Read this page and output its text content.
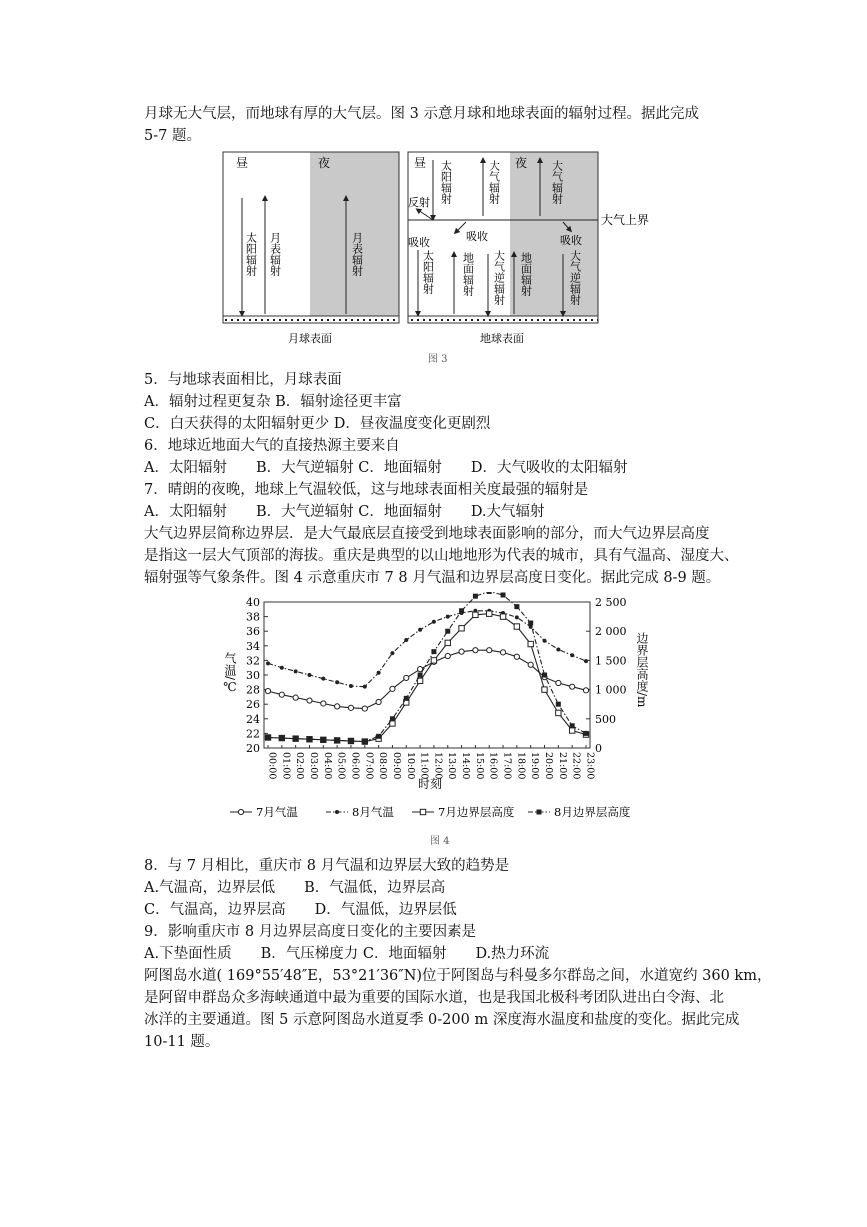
月球无大气层，而地球有厚的大气层。图 3 示意月球和地球表面的辐射过程。据此完成
5-7 题。
昼	夜
太阳辐射 月表辐射	月表辐射
月球表面
昼	夜
大气上界
太阳辐射	大气辐射	大气辐射
反射
吸收	吸收	吸收
太阳辐射 地面辐射 大气逆辐射 地面辐射	大气逆辐射
地球表面
图 3
5．与地球表面相比，月球表面
A．辐射过程更复杂 B．辐射途径更丰富
C．白天获得的太阳辐射更少 D．昼夜温度变化更剧烈
6．地球近地面大气的直接热源主要来自
A．太阳辐射　　B．大气逆辐射 C．地面辐射　　D．大气吸收的太阳辐射
7．晴朗的夜晚，地球上气温较低，这与地球表面相关度最强的辐射是
A．太阳辐射　　B．大气逆辐射 C．地面辐射　　D.大气辐射
大气边界层简称边界层．是大气最底层直接受到地球表面影响的部分，而大气边界层高度
是指这一层大气顶部的海拔。重庆是典型的以山地地形为代表的城市，具有气温高、湿度大、
辐射强等气象条件。图 4 示意重庆市 7 8 月气温和边界层高度日变化。据此完成 8-9 题。
气温/℃	边界层高度/m
时刻
图 4
20
22
24
26
28
30
32
34
36
38
40
0
500
1 000
1 500
2 000
2 500
00:00 01:00 02:00 03:00 04:00 05:00 06:00 07:00 08:00 09:00 10:00 11:00 12:00 13:00 14:00 15:00 16:00 17:00 18:00 19:00 20:00 21:00 22:00 23:00
7月气温	8月气温	7月边界层高度	8月边界层高度
8．与 7 月相比，重庆市 8 月气温和边界层大致的趋势是
A.气温高，边界层低　　B．气温低，边界层高
C．气温高，边界层高　　D．气温低，边界层低
9．影响重庆市 8 月边界层高度日变化的主要因素是
A.下垫面性质　　B．气压梯度力 C．地面辐射　　D.热力环流
阿图岛水道( 169°55′48″E，53°21′36″N)位于阿图岛与科曼多尔群岛之间，水道宽约 360 km，
是阿留申群岛众多海峡通道中最为重要的国际水道，也是我国北极科考团队进出白令海、北
冰洋的主要通道。图 5 示意阿图岛水道夏季 0-200 m 深度海水温度和盐度的变化。据此完成
10-11 题。
